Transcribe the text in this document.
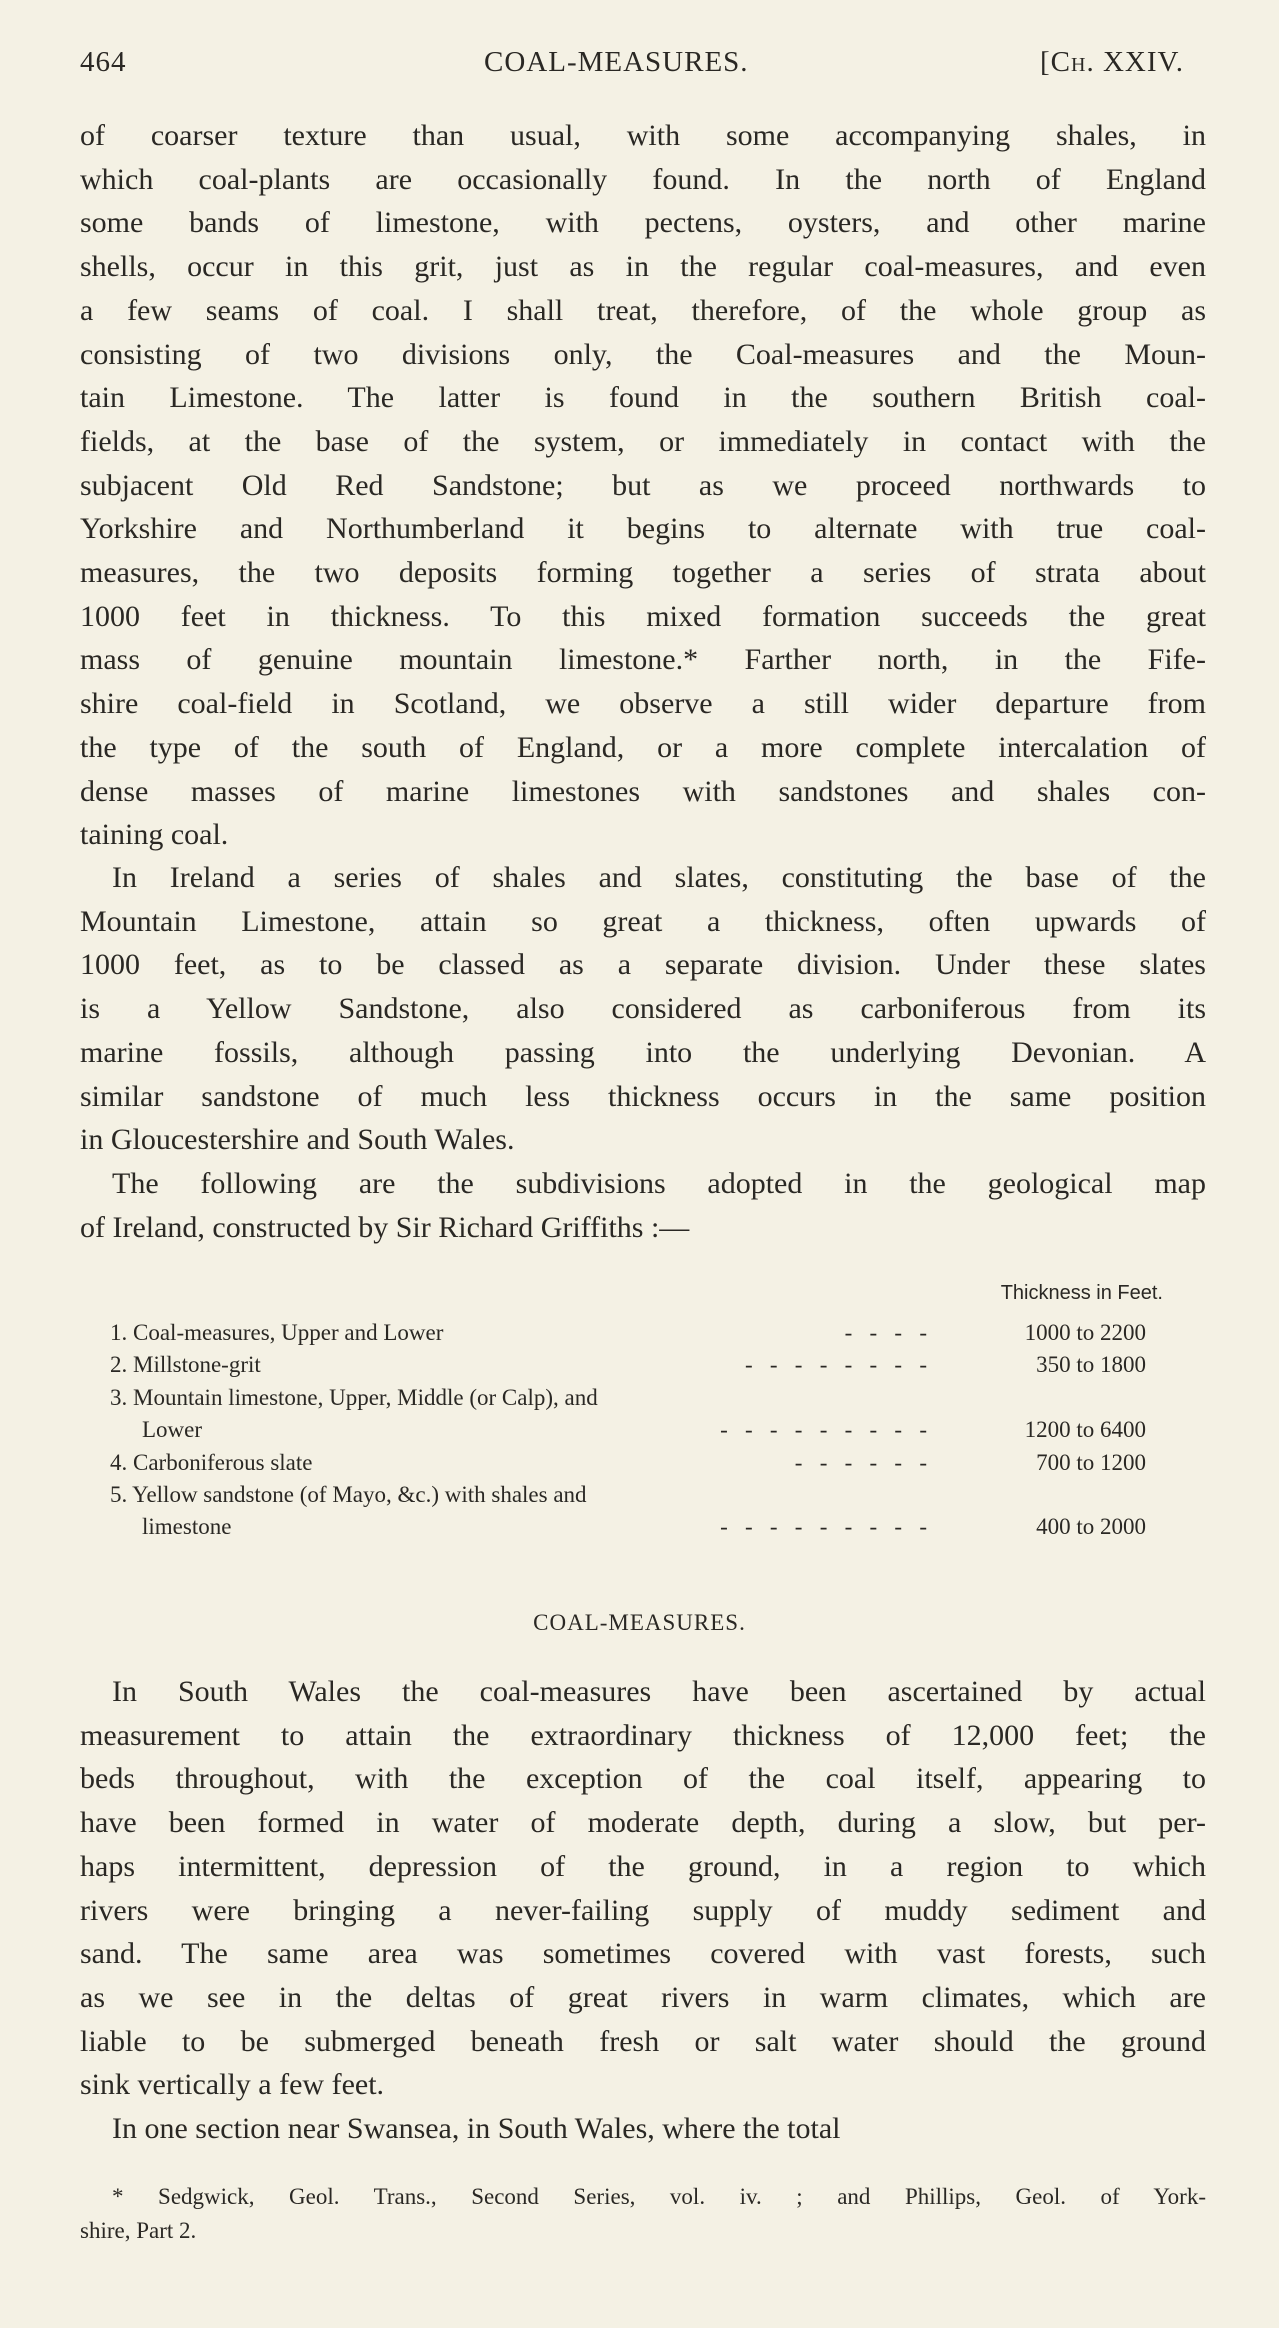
464	COAL-MEASURES.	[Ch. XXIV.
of coarser texture than usual, with some accompanying shales, in
which coal-plants are occasionally found. In the north of England
some bands of limestone, with pectens, oysters, and other marine
shells, occur in this grit, just as in the regular coal-measures, and even
a few seams of coal. I shall treat, therefore, of the whole group as
consisting of two divisions only, the Coal-measures and the Moun-
tain Limestone. The latter is found in the southern British coal-
fields, at the base of the system, or immediately in contact with the
subjacent Old Red Sandstone; but as we proceed northwards to
Yorkshire and Northumberland it begins to alternate with true coal-
measures, the two deposits forming together a series of strata about
1000 feet in thickness. To this mixed formation succeeds the great
mass of genuine mountain limestone.* Farther north, in the Fife-
shire coal-field in Scotland, we observe a still wider departure from
the type of the south of England, or a more complete intercalation of
dense masses of marine limestones with sandstones and shales con-
taining coal.
In Ireland a series of shales and slates, constituting the base of the
Mountain Limestone, attain so great a thickness, often upwards of
1000 feet, as to be classed as a separate division. Under these slates
is a Yellow Sandstone, also considered as carboniferous from its
marine fossils, although passing into the underlying Devonian. A
similar sandstone of much less thickness occurs in the same position
in Gloucestershire and South Wales.
The following are the subdivisions adopted in the geological map
of Ireland, constructed by Sir Richard Griffiths :—
In South Wales the coal-measures have been ascertained by actual
measurement to attain the extraordinary thickness of 12,000 feet; the
beds throughout, with the exception of the coal itself, appearing to
have been formed in water of moderate depth, during a slow, but per-
haps intermittent, depression of the ground, in a region to which
rivers were bringing a never-failing supply of muddy sediment and
sand. The same area was sometimes covered with vast forests, such
as we see in the deltas of great rivers in warm climates, which are
liable to be submerged beneath fresh or salt water should the ground
sink vertically a few feet.
In one section near Swansea, in South Wales, where the total
Thickness in Feet.
1. Coal-measures, Upper and Lower	-   -   -   -	1000 to 2200
2. Millstone-grit	-   -   -   -   -   -   -   -	350 to 1800
3. Mountain limestone, Upper, Middle (or Calp), and
Lower	-   -   -   -   -   -   -   -   -	1200 to 6400
4. Carboniferous slate	-   -   -   -   -   -	700 to 1200
5. Yellow sandstone (of Mayo, &c.) with shales and
limestone	-   -   -   -   -   -   -   -   -	400 to 2000
COAL-MEASURES.
* Sedgwick, Geol. Trans., Second Series, vol. iv. ; and Phillips, Geol. of York-
shire, Part 2.
